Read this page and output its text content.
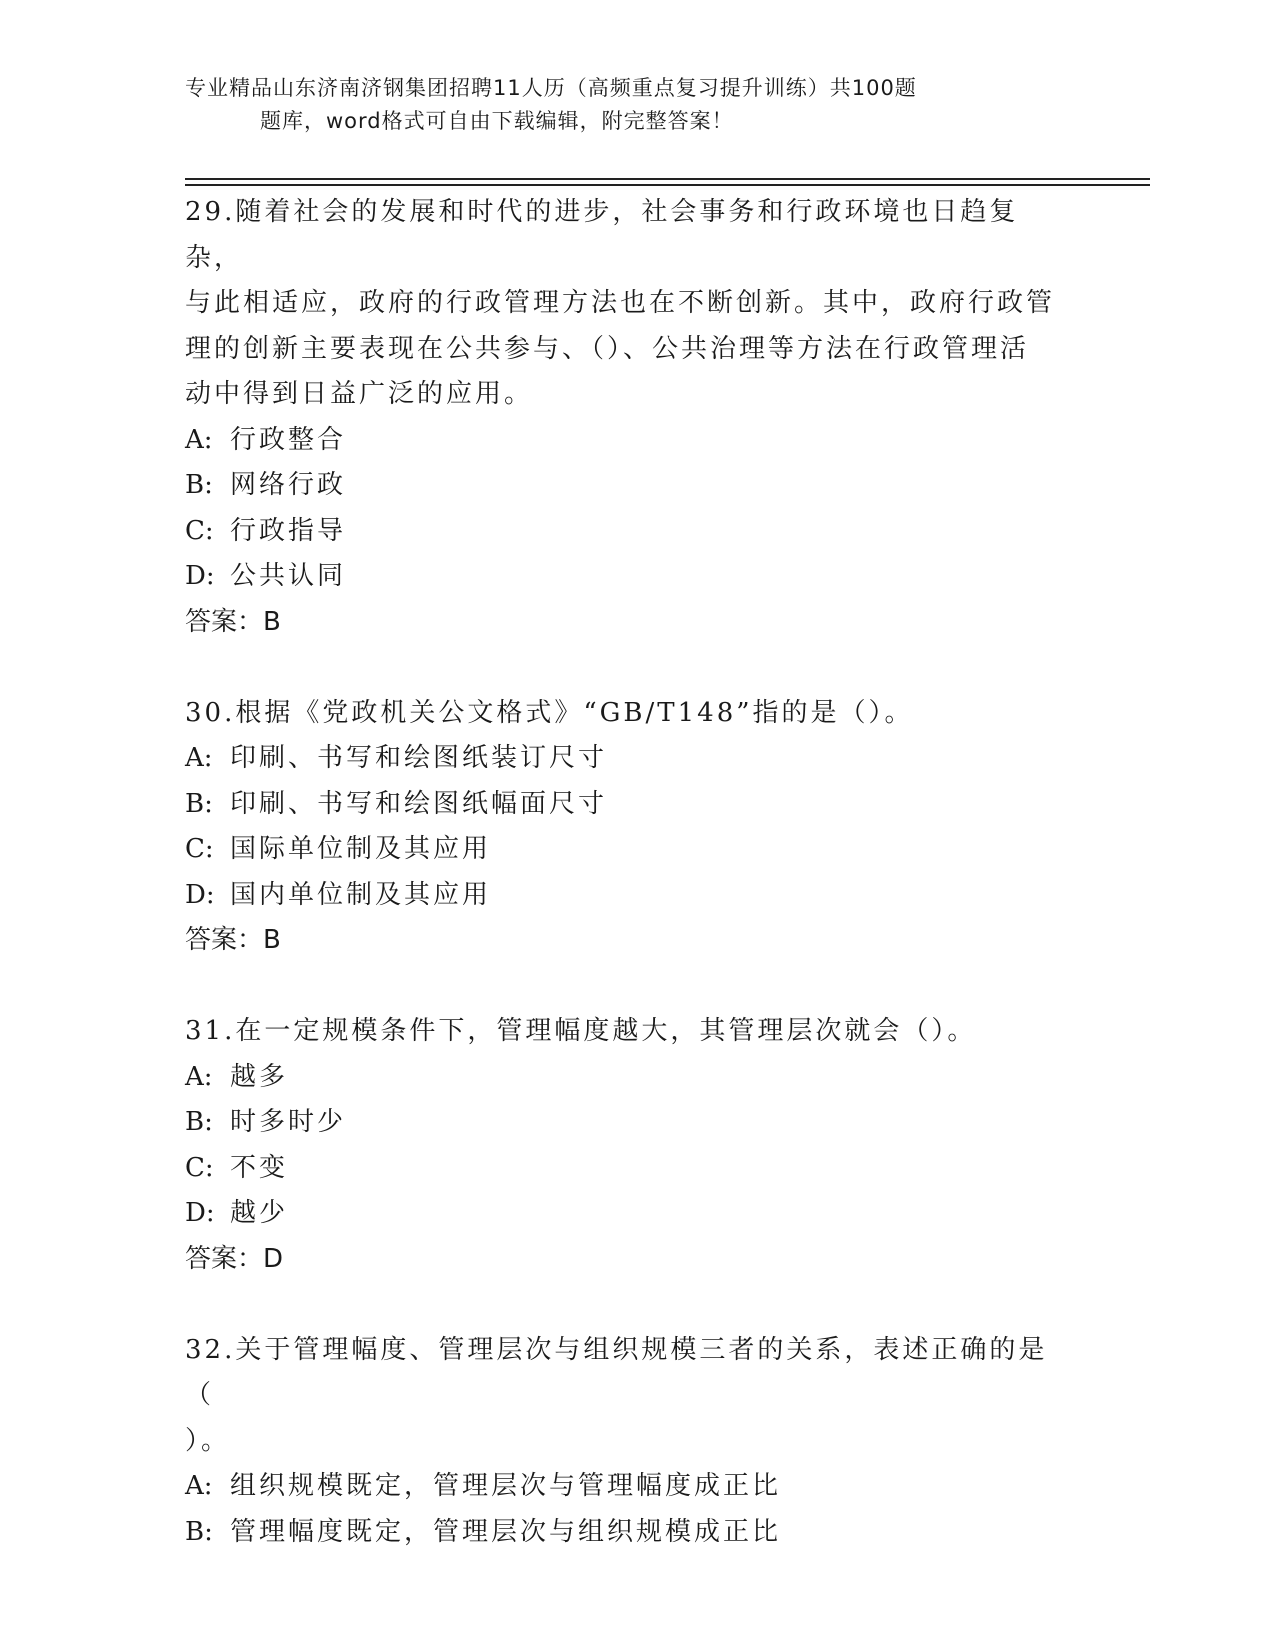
专业精品山东济南济钢集团招聘11人历（高频重点复习提升训练）共100题
题库，word格式可自由下载编辑，附完整答案！

29.随着社会的发展和时代的进步，社会事务和行政环境也日趋复杂，

与此相适应，政府的行政管理方法也在不断创新。其中，政府行政管

理的创新主要表现在公共参与、（）、公共治理等方法在行政管理活

动中得到日益广泛的应用。

A: 行政整合

B: 网络行政

C: 行政指导

D: 公共认同

答案：B

30.根据《党政机关公文格式》“GB/T148”指的是（）。

A: 印刷、书写和绘图纸装订尺寸

B: 印刷、书写和绘图纸幅面尺寸

C: 国际单位制及其应用

D: 国内单位制及其应用

答案：B

31.在一定规模条件下，管理幅度越大，其管理层次就会（）。

A: 越多

B: 时多时少

C: 不变

D: 越少

答案：D

32.关于管理幅度、管理层次与组织规模三者的关系，表述正确的是（

）。

A: 组织规模既定，管理层次与管理幅度成正比

B: 管理幅度既定，管理层次与组织规模成正比
